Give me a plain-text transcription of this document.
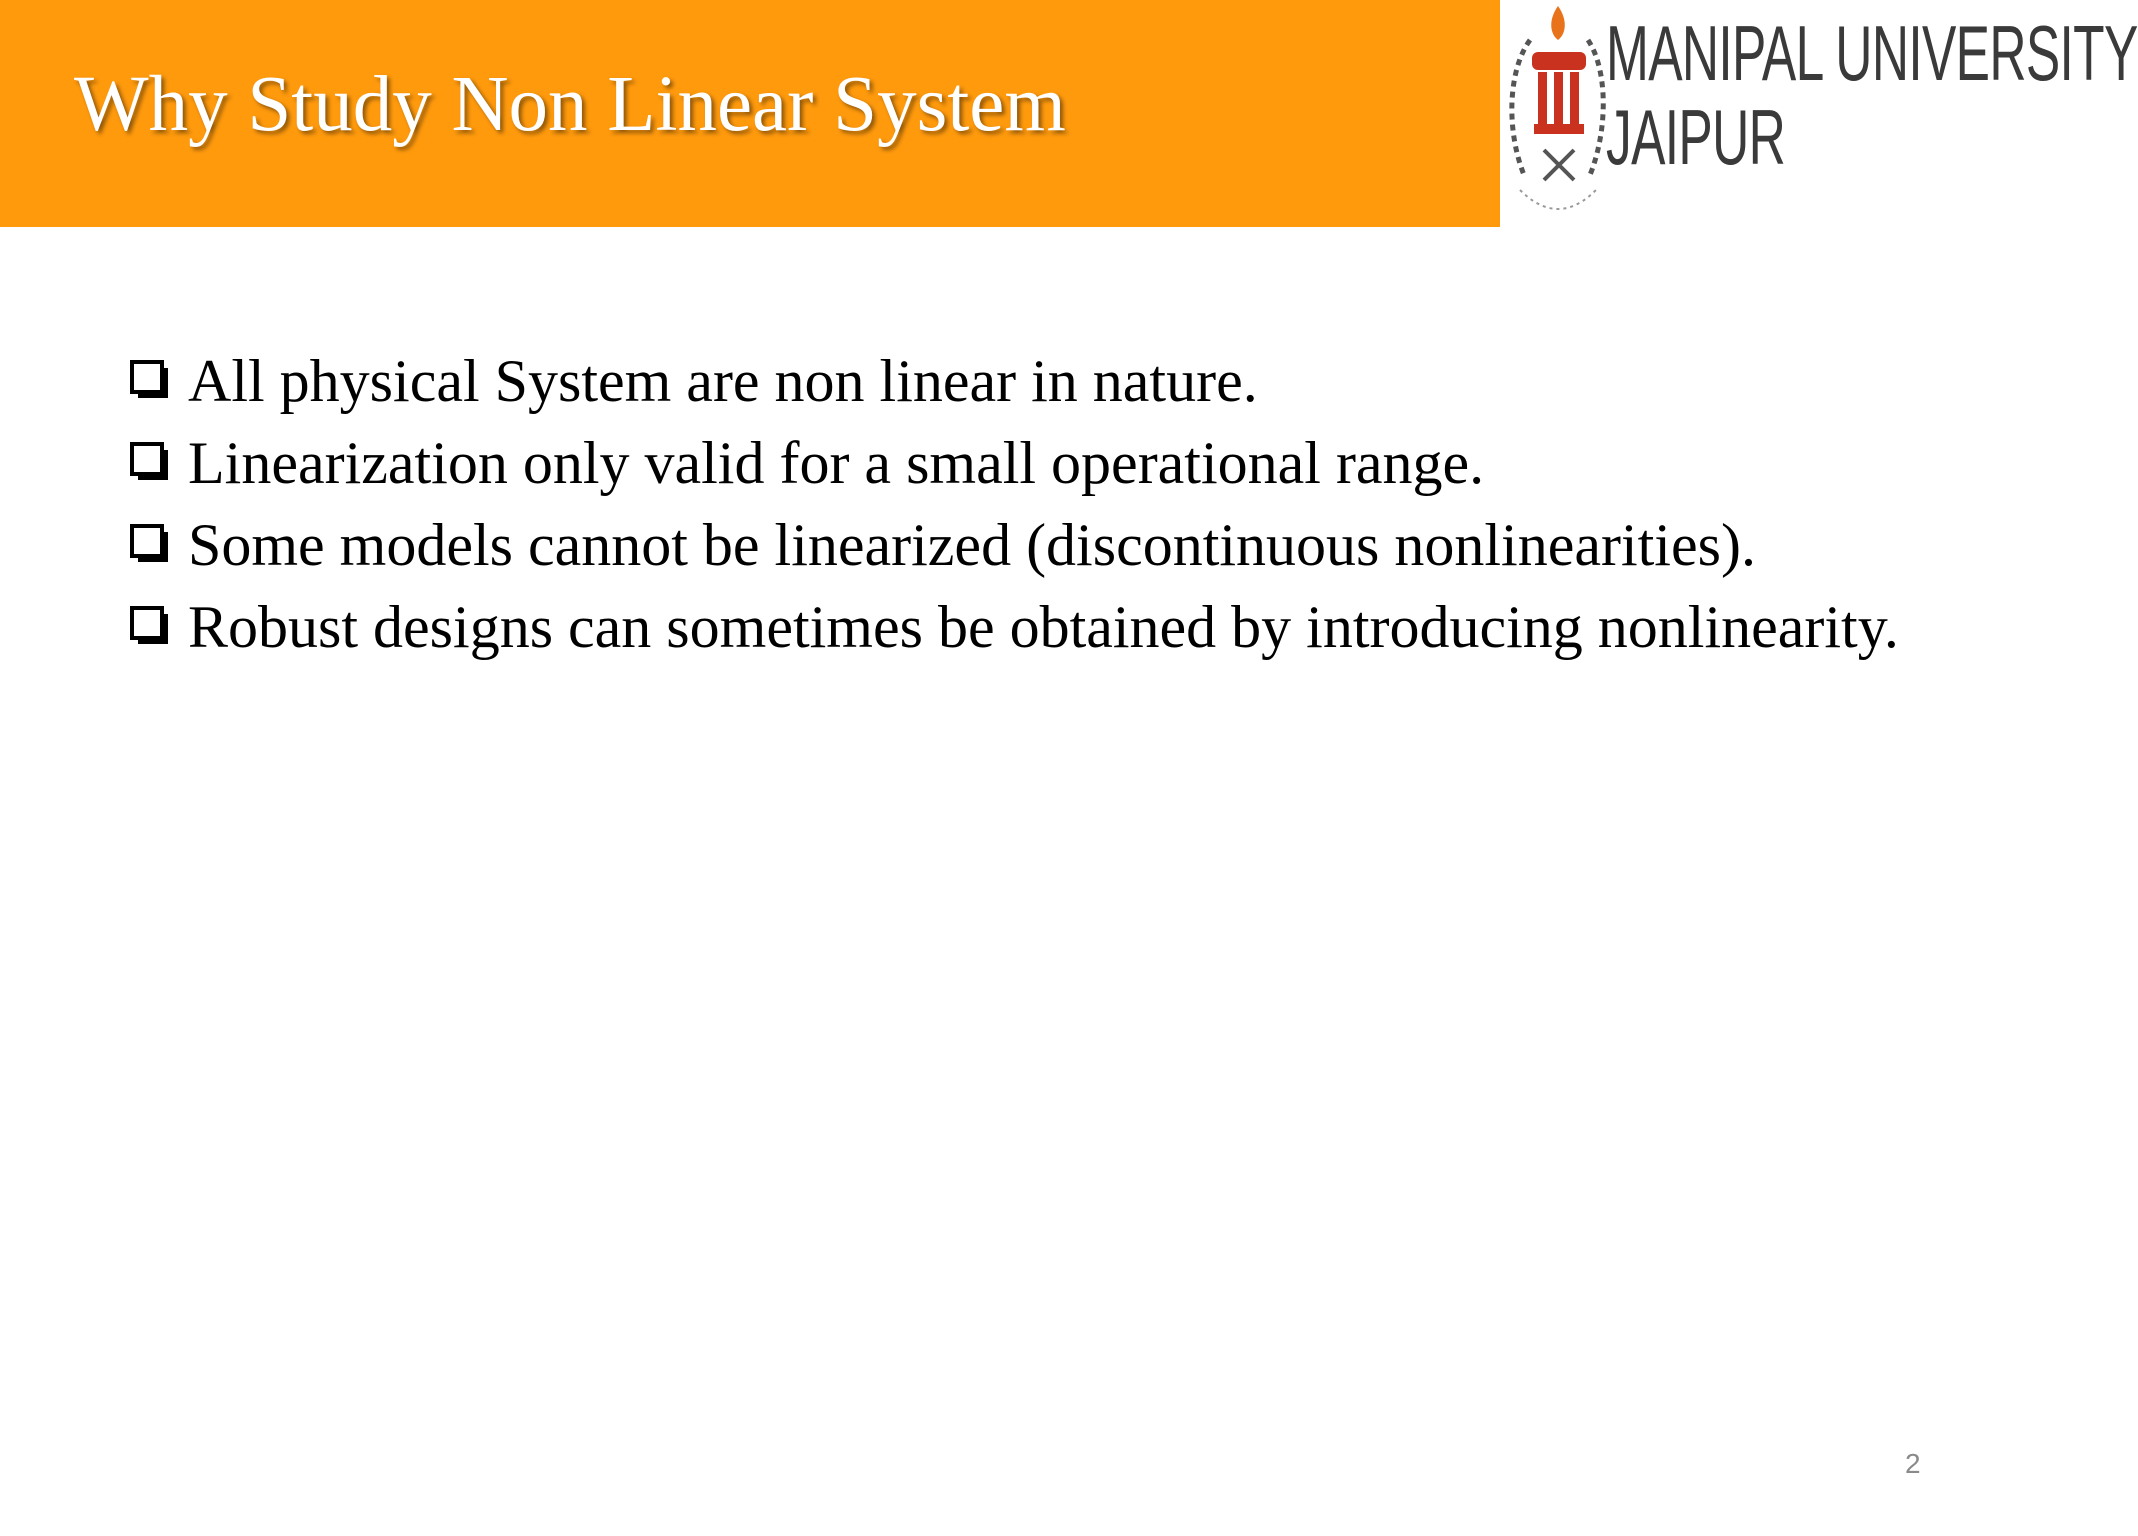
Why Study Non Linear System
MANIPAL UNIVERSITY
JAIPUR
All physical System are non linear in nature.
Linearization only valid for a small operational range.
Some models cannot be linearized (discontinuous nonlinearities).
Robust designs can sometimes be obtained by introducing nonlinearity.
2
